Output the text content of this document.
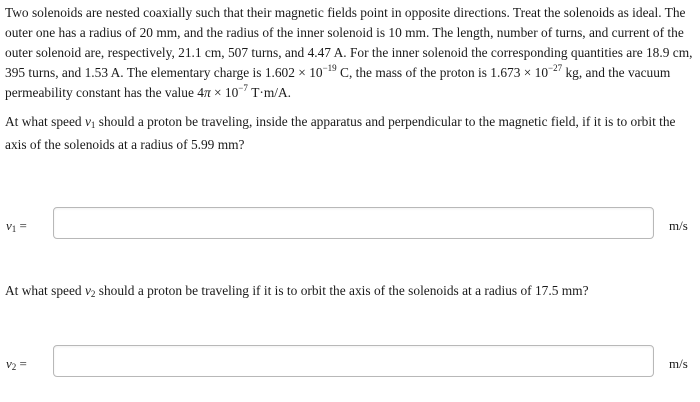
Two solenoids are nested coaxially such that their magnetic fields point in opposite directions. Treat the solenoids as ideal. The outer one has a radius of 20 mm, and the radius of the inner solenoid is 10 mm. The length, number of turns, and current of the outer solenoid are, respectively, 21.1 cm, 507 turns, and 4.47 A. For the inner solenoid the corresponding quantities are 18.9 cm, 395 turns, and 1.53 A. The elementary charge is $1.602 \times 10^{-19}$ C, the mass of the proton is $1.673 \times 10^{-27}$ kg, and the vacuum permeability constant has the value $4\pi \times 10^{-7}$ T·m/A.

At what speed $v_1$ should a proton be traveling, inside the apparatus and perpendicular to the magnetic field, if it is to orbit the axis of the solenoids at a radius of 5.99 mm?

$v_1$ =	m/s

At what speed $v_2$ should a proton be traveling if it is to orbit the axis of the solenoids at a radius of 17.5 mm?

$v_2$ =	m/s
